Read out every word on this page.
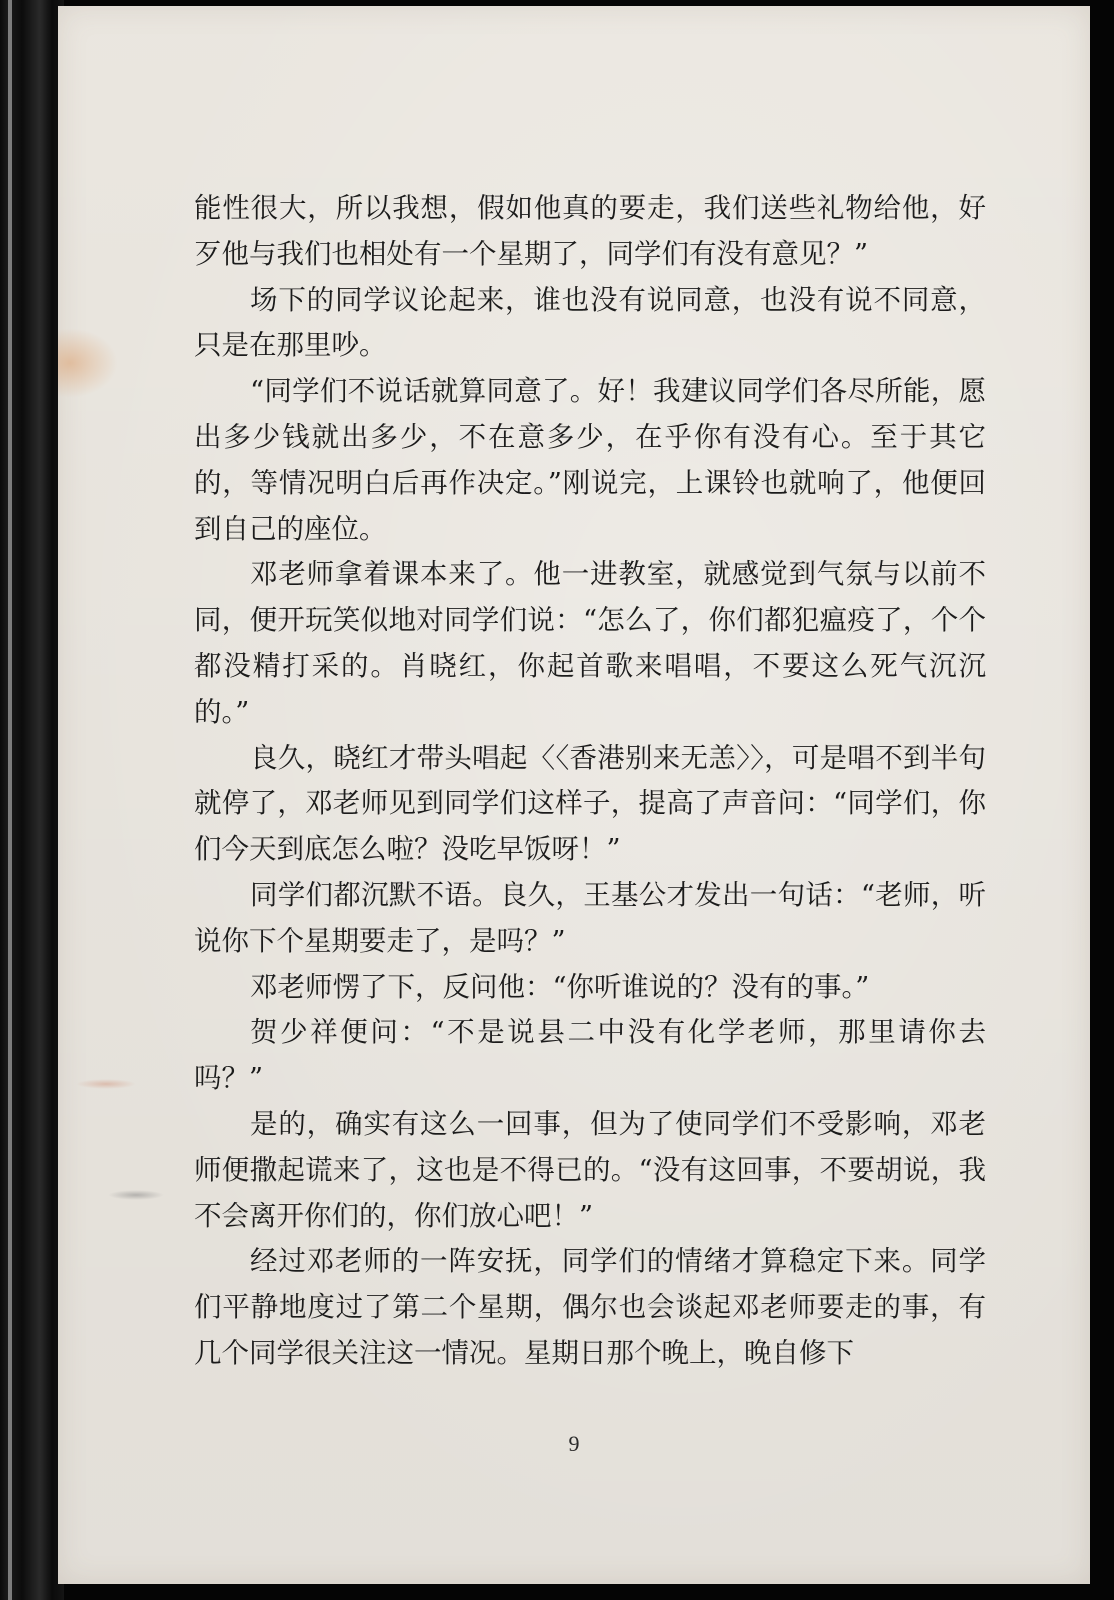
能性很大，所以我想，假如他真的要走，我们送些礼物给他，好歹他与我们也相处有一个星期了，同学们有没有意见？”

场下的同学议论起来，谁也没有说同意，也没有说不同意，只是在那里吵。

“同学们不说话就算同意了。好！我建议同学们各尽所能，愿出多少钱就出多少，不在意多少，在乎你有没有心。至于其它的，等情况明白后再作决定。”刚说完，上课铃也就响了，他便回到自己的座位。

邓老师拿着课本来了。他一进教室，就感觉到气氛与以前不同，便开玩笑似地对同学们说：“怎么了，你们都犯瘟疫了，个个都没精打采的。肖晓红，你起首歌来唱唱，不要这么死气沉沉的。”

良久，晓红才带头唱起〈〈香港别来无恙〉〉，可是唱不到半句就停了，邓老师见到同学们这样子，提高了声音问：“同学们，你们今天到底怎么啦？没吃早饭呀！”

同学们都沉默不语。良久，王基公才发出一句话：“老师，听说你下个星期要走了，是吗？”

邓老师愣了下，反问他：“你听谁说的？没有的事。”

贺少祥便问：“不是说县二中没有化学老师，那里请你去吗？”

是的，确实有这么一回事，但为了使同学们不受影响，邓老师便撒起谎来了，这也是不得已的。“没有这回事，不要胡说，我不会离开你们的，你们放心吧！”

经过邓老师的一阵安抚，同学们的情绪才算稳定下来。同学们平静地度过了第二个星期，偶尔也会谈起邓老师要走的事，有几个同学很关注这一情况。星期日那个晚上，晚自修下

9
